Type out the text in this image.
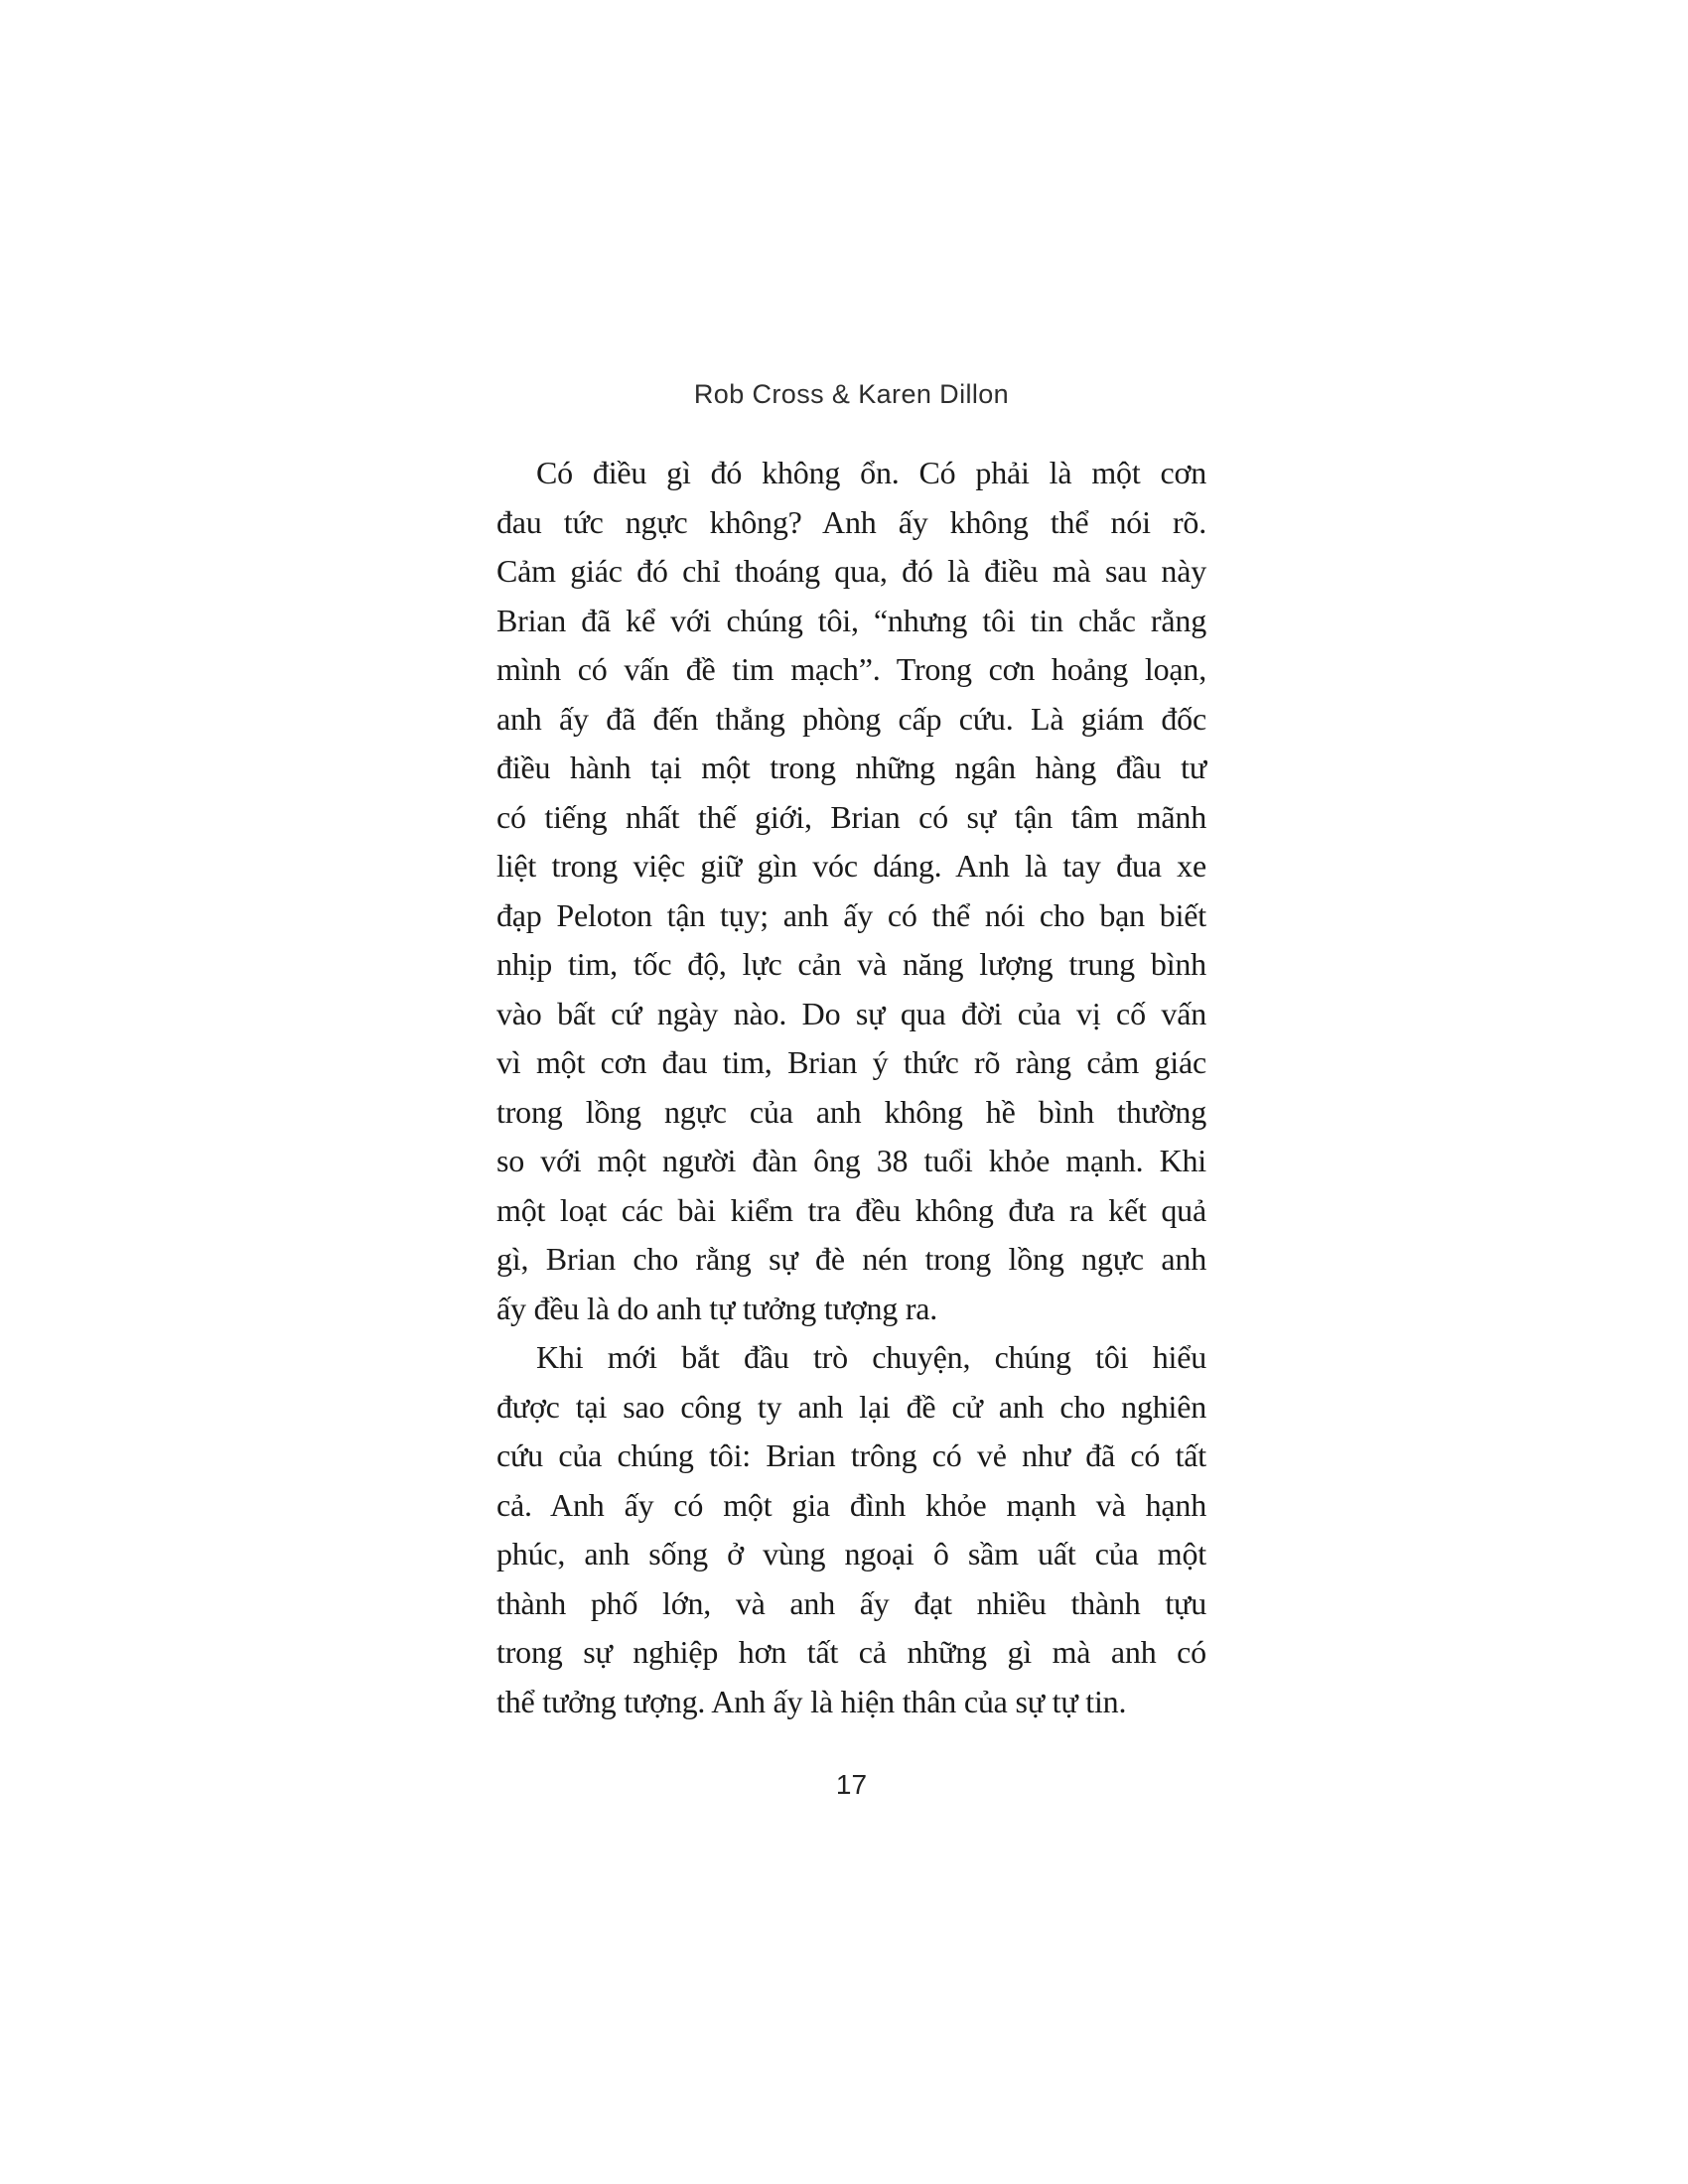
Rob Cross & Karen Dillon
Có điều gì đó không ổn. Có phải là một cơn
đau tức ngực không? Anh ấy không thể nói rõ.
Cảm giác đó chỉ thoáng qua, đó là điều mà sau này
Brian đã kể với chúng tôi, “nhưng tôi tin chắc rằng
mình có vấn đề tim mạch”. Trong cơn hoảng loạn,
anh ấy đã đến thẳng phòng cấp cứu. Là giám đốc
điều hành tại một trong những ngân hàng đầu tư
có tiếng nhất thế giới, Brian có sự tận tâm mãnh
liệt trong việc giữ gìn vóc dáng. Anh là tay đua xe
đạp Peloton tận tụy; anh ấy có thể nói cho bạn biết
nhịp tim, tốc độ, lực cản và năng lượng trung bình
vào bất cứ ngày nào. Do sự qua đời của vị cố vấn
vì một cơn đau tim, Brian ý thức rõ ràng cảm giác
trong lồng ngực của anh không hề bình thường
so với một người đàn ông 38 tuổi khỏe mạnh. Khi
một loạt các bài kiểm tra đều không đưa ra kết quả
gì, Brian cho rằng sự đè nén trong lồng ngực anh
ấy đều là do anh tự tưởng tượng ra.
Khi mới bắt đầu trò chuyện, chúng tôi hiểu
được tại sao công ty anh lại đề cử anh cho nghiên
cứu của chúng tôi: Brian trông có vẻ như đã có tất
cả. Anh ấy có một gia đình khỏe mạnh và hạnh
phúc, anh sống ở vùng ngoại ô sầm uất của một
thành phố lớn, và anh ấy đạt nhiều thành tựu
trong sự nghiệp hơn tất cả những gì mà anh có
thể tưởng tượng. Anh ấy là hiện thân của sự tự tin.
17
